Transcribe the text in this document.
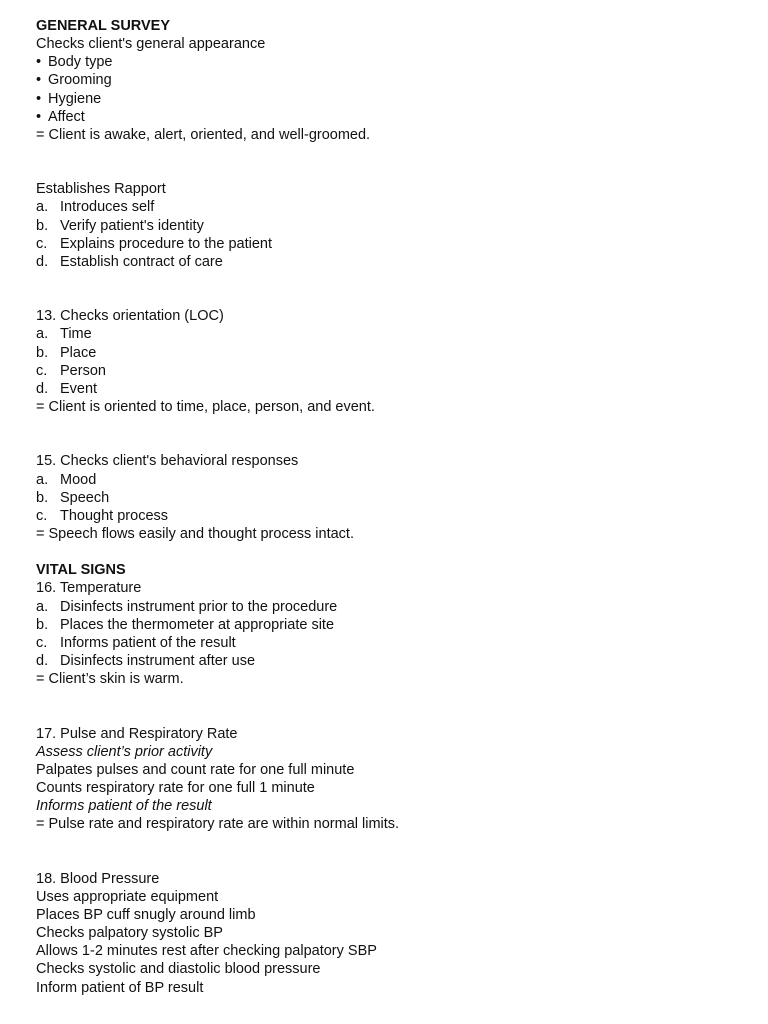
GENERAL SURVEY
Checks client's general appearance
• Body type
• Grooming
• Hygiene
• Affect
= Client is awake, alert, oriented, and well-groomed.
Establishes Rapport
a. Introduces self
b. Verify patient's identity
c. Explains procedure to the patient
d. Establish contract of care
13. Checks orientation (LOC)
a. Time
b. Place
c. Person
d. Event
= Client is oriented to time, place, person, and event.
15. Checks client's behavioral responses
a. Mood
b. Speech
c. Thought process
= Speech flows easily and thought process intact.
VITAL SIGNS
16. Temperature
a. Disinfects instrument prior to the procedure
b. Places the thermometer at appropriate site
c. Informs patient of the result
d. Disinfects instrument after use
= Client’s skin is warm.
17. Pulse and Respiratory Rate
Assess client’s prior activity
Palpates pulses and count rate for one full minute
Counts respiratory rate for one full 1 minute
Informs patient of the result
= Pulse rate and respiratory rate are within normal limits.
18. Blood Pressure
Uses appropriate equipment
Places BP cuff snugly around limb
Checks palpatory systolic BP
Allows 1-2 minutes rest after checking palpatory SBP
Checks systolic and diastolic blood pressure
Inform patient of BP result
